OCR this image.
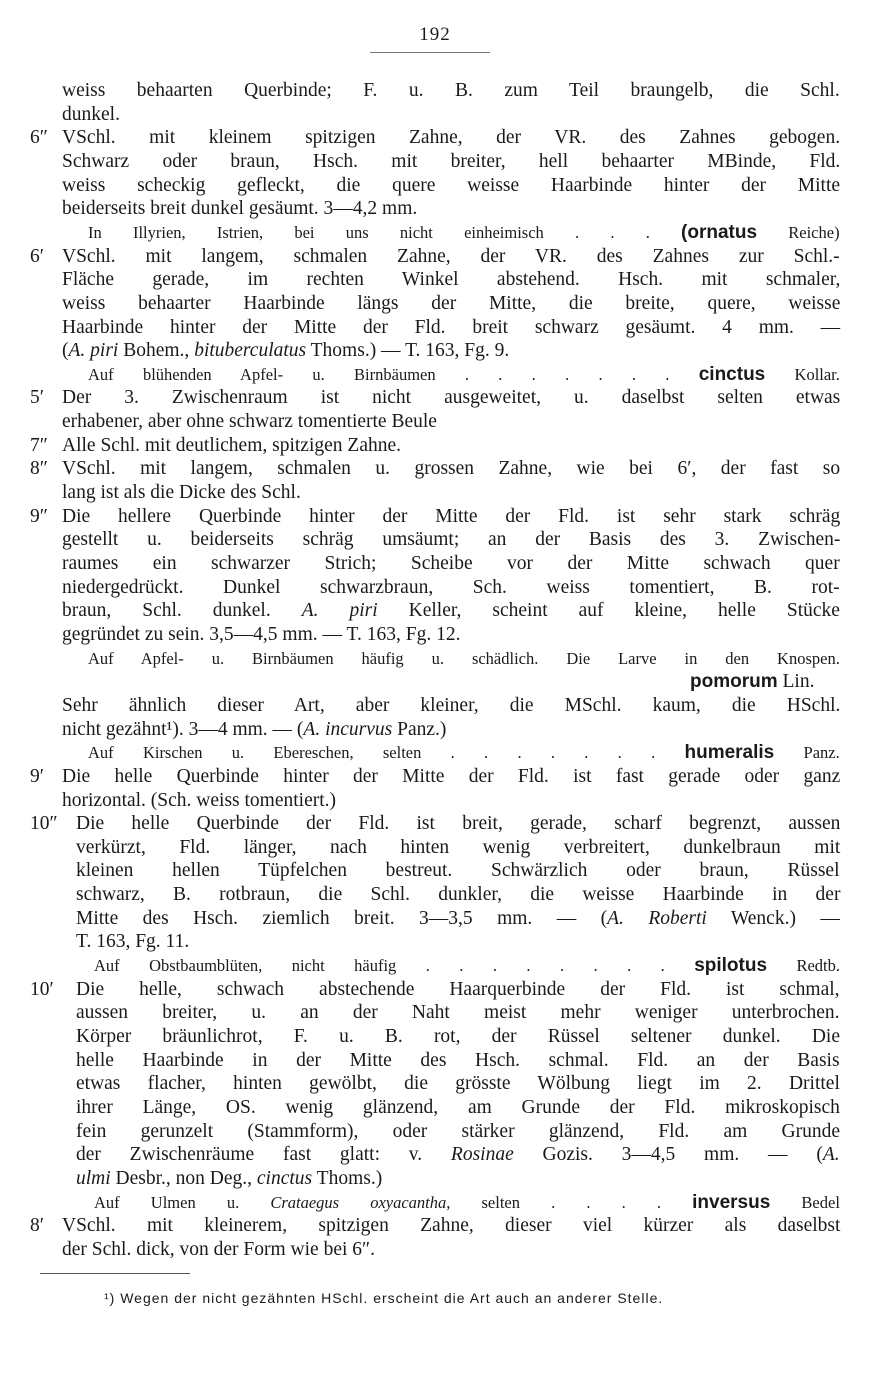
192
weiss behaarten Querbinde; F. u. B. zum Teil braungelb, die Schl.
dunkel.
6″ VSchl. mit kleinem spitzigen Zahne, der VR. des Zahnes gebogen.
Schwarz oder braun, Hsch. mit breiter, hell behaarter MBinde, Fld.
weiss scheckig gefleckt, die quere weisse Haarbinde hinter der Mitte
beiderseits breit dunkel gesäumt. 3—4,2 mm.
In Illyrien, Istrien, bei uns nicht einheimisch . . . (ornatus Reiche)
6′ VSchl. mit langem, schmalen Zahne, der VR. des Zahnes zur Schl.-
Fläche gerade, im rechten Winkel abstehend. Hsch. mit schmaler,
weiss behaarter Haarbinde längs der Mitte, die breite, quere, weisse
Haarbinde hinter der Mitte der Fld. breit schwarz gesäumt. 4 mm. —
(A. piri Bohem., bituberculatus Thoms.) — T. 163, Fg. 9.
Auf blühenden Apfel- u. Birnbäumen . . . . . . . cinctus Kollar.
5′ Der 3. Zwischenraum ist nicht ausgeweitet, u. daselbst selten etwas
erhabener, aber ohne schwarz tomentierte Beule
7″ Alle Schl. mit deutlichem, spitzigen Zahne.
8″ VSchl. mit langem, schmalen u. grossen Zahne, wie bei 6′, der fast so
lang ist als die Dicke des Schl.
9″ Die hellere Querbinde hinter der Mitte der Fld. ist sehr stark schräg
gestellt u. beiderseits schräg umsäumt; an der Basis des 3. Zwischen-
raumes ein schwarzer Strich; Scheibe vor der Mitte schwach quer
niedergedrückt. Dunkel schwarzbraun, Sch. weiss tomentiert, B. rot-
braun, Schl. dunkel. A. piri Keller, scheint auf kleine, helle Stücke
gegründet zu sein. 3,5—4,5 mm. — T. 163, Fg. 12.
Auf Apfel- u. Birnbäumen häufig u. schädlich. Die Larve in den Knospen.
pomorum Lin.
Sehr ähnlich dieser Art, aber kleiner, die MSchl. kaum, die HSchl.
nicht gezähnt¹). 3—4 mm. — (A. incurvus Panz.)
Auf Kirschen u. Ebereschen, selten . . . . . . . humeralis Panz.
9′ Die helle Querbinde hinter der Mitte der Fld. ist fast gerade oder ganz
horizontal. (Sch. weiss tomentiert.)
10″ Die helle Querbinde der Fld. ist breit, gerade, scharf begrenzt, aussen
verkürzt, Fld. länger, nach hinten wenig verbreitert, dunkelbraun mit
kleinen hellen Tüpfelchen bestreut. Schwärzlich oder braun, Rüssel
schwarz, B. rotbraun, die Schl. dunkler, die weisse Haarbinde in der
Mitte des Hsch. ziemlich breit. 3—3,5 mm. — (A. Roberti Wenck.) —
T. 163, Fg. 11.
Auf Obstbaumblüten, nicht häufig . . . . . . . . spilotus Redtb.
10′ Die helle, schwach abstechende Haarquerbinde der Fld. ist schmal,
aussen breiter, u. an der Naht meist mehr weniger unterbrochen.
Körper bräunlichrot, F. u. B. rot, der Rüssel seltener dunkel. Die
helle Haarbinde in der Mitte des Hsch. schmal. Fld. an der Basis
etwas flacher, hinten gewölbt, die grösste Wölbung liegt im 2. Drittel
ihrer Länge, OS. wenig glänzend, am Grunde der Fld. mikroskopisch
fein gerunzelt (Stammform), oder stärker glänzend, Fld. am Grunde
der Zwischenräume fast glatt: v. Rosinae Gozis. 3—4,5 mm. — (A.
ulmi Desbr., non Deg., cinctus Thoms.)
Auf Ulmen u. Crataegus oxyacantha, selten . . . . inversus Bedel
8′ VSchl. mit kleinerem, spitzigen Zahne, dieser viel kürzer als daselbst
der Schl. dick, von der Form wie bei 6″.
¹) Wegen der nicht gezähnten HSchl. erscheint die Art auch an anderer Stelle.
